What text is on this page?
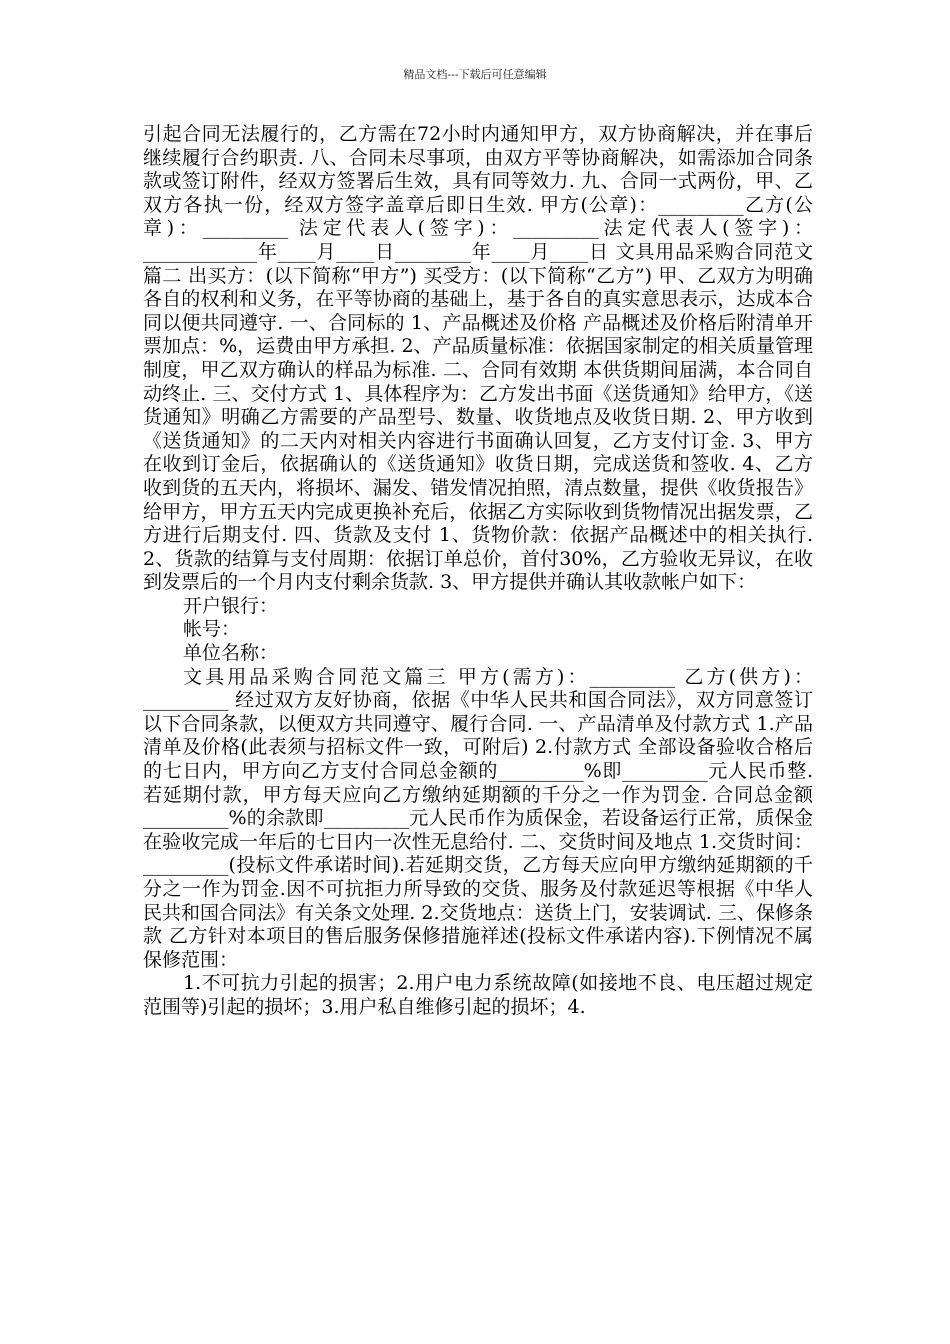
精品文档---下载后可任意编辑

引起合同无法履行的，乙方需在72小时内通知甲方，双方协商解决，并在事后继续履行合约职责. 八、合同未尽事项，由双方平等协商解决，如需添加合同条款或签订附件，经双方签署后生效，具有同等效力. 九、合同一式两份，甲、乙双方各执一份，经双方签字盖章后即日生效. 甲方(公章)：_________乙方(公章)：_________ 法定代表人(签字)：_________法定代表人(签字)：____________年____月____日________年____月____日 文具用品采购合同范文篇二 出买方：(以下简称“甲方”) 买受方：(以下简称“乙方”) 甲、乙双方为明确各自的权利和义务，在平等协商的基础上，基于各自的真实意思表示，达成本合同以便共同遵守. 一、合同标的 1、产品概述及价格 产品概述及价格后附清单开票加点：%，运费由甲方承担. 2、产品质量标准：依据国家制定的相关质量管理制度，甲乙双方确认的样品为标准. 二、合同有效期 本供货期间届满，本合同自动终止. 三、交付方式 1、具体程序为：乙方发出书面《送货通知》给甲方，《送货通知》明确乙方需要的产品型号、数量、收货地点及收货日期. 2、甲方收到《送货通知》的二天内对相关内容进行书面确认回复，乙方支付订金. 3、甲方在收到订金后，依据确认的《送货通知》收货日期，完成送货和签收. 4、乙方收到货的五天内，将损坏、漏发、错发情况拍照，清点数量，提供《收货报告》给甲方，甲方五天内完成更换补充后，依据乙方实际收到货物情况出据发票，乙方进行后期支付. 四、货款及支付 1、货物价款：依据产品概述中的相关执行. 2、货款的结算与支付周期：依据订单总价，首付30%，乙方验收无异议，在收到发票后的一个月内支付剩余货款. 3、甲方提供并确认其收款帐户如下：

开户银行：

帐号：

单位名称：

文具用品采购合同范文篇三 甲方(需方)：_________ 乙方(供方)：_________ 经过双方友好协商，依据《中华人民共和国合同法》，双方同意签订以下合同条款，以便双方共同遵守、履行合同. 一、产品清单及付款方式 1.产品清单及价格(此表须与招标文件一致，可附后) 2.付款方式 全部设备验收合格后的七日内，甲方向乙方支付合同总金额的_________%即_________元人民币整.若延期付款，甲方每天应向乙方缴纳延期额的千分之一作为罚金. 合同总金额_________%的余款即_________元人民币作为质保金，若设备运行正常，质保金在验收完成一年后的七日内一次性无息给付. 二、交货时间及地点 1.交货时间：_________(投标文件承诺时间).若延期交货，乙方每天应向甲方缴纳延期额的千分之一作为罚金.因不可抗拒力所导致的交货、服务及付款延迟等根据《中华人民共和国合同法》有关条文处理. 2.交货地点：送货上门，安装调试. 三、保修条款 乙方针对本项目的售后服务保修措施祥述(投标文件承诺内容).下例情况不属保修范围：

1.不可抗力引起的损害；2.用户电力系统故障(如接地不良、电压超过规定范围等)引起的损坏；3.用户私自维修引起的损坏；4.
